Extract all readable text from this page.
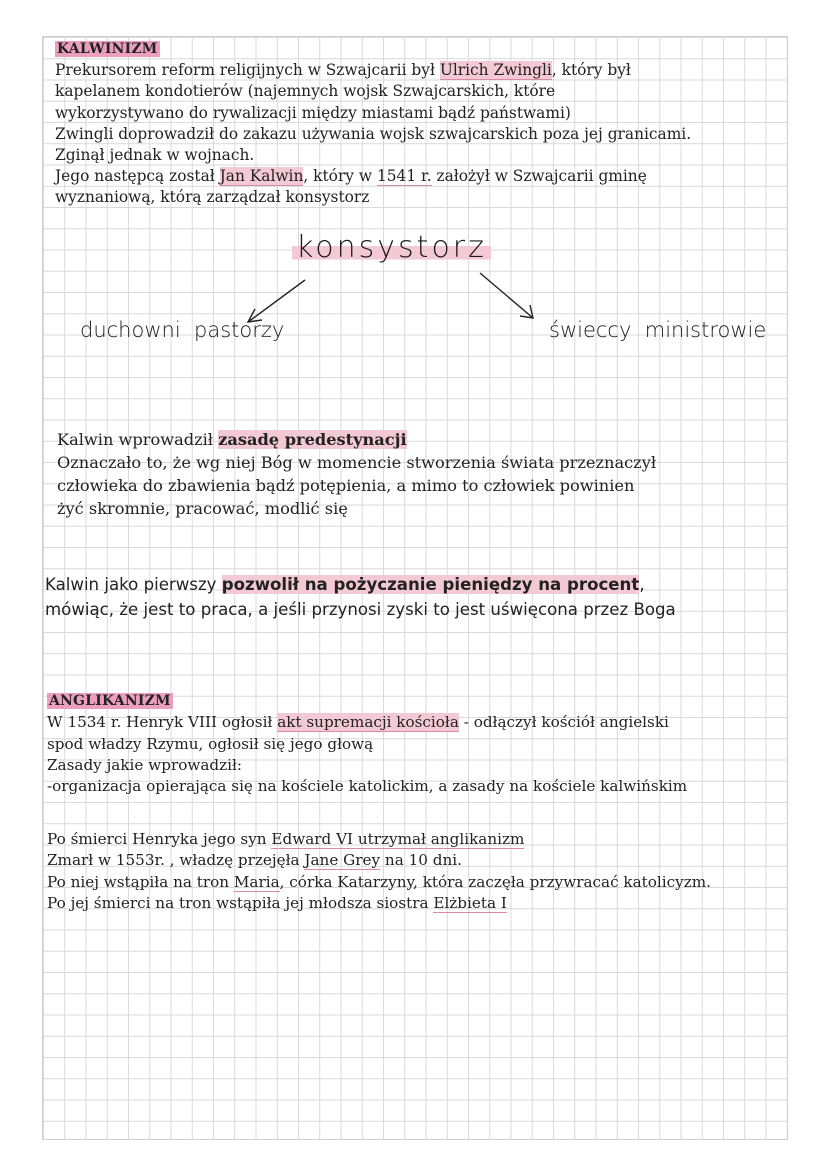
KALWINIZM

Prekursorem reform religijnych w Szwajcarii był Ulrich Zwingli, który był

kapelanem kondotierów (najemnych wojsk Szwajcarskich, które

wykorzystywano do rywalizacji między miastami bądź państwami)

Zwingli doprowadził do zakazu używania wojsk szwajcarskich poza jej granicami.

Zginął jednak w wojnach.

Jego następcą został Jan Kalwin, który w 1541 r. założył w Szwajcarii gminę

wyznaniową, którą zarządzał konsystorz

konsystorz
duchowni  pastorzy	świeccy  ministrowie

Kalwin wprowadził zasadę predestynacji

Oznaczało to, że wg niej Bóg w momencie stworzenia świata przeznaczył

człowieka do zbawienia bądź potępienia, a mimo to człowiek powinien

żyć skromnie, pracować, modlić się

Kalwin jako pierwszy pozwolił na pożyczanie pieniędzy na procent,

mówiąc, że jest to praca, a jeśli przynosi zyski to jest uświęcona przez Boga

ANGLIKANIZM

W 1534 r. Henryk VIII ogłosił akt supremacji kościoła - odłączył kościół angielski

spod władzy Rzymu, ogłosił się jego głową

Zasady jakie wprowadził:

-organizacja opierająca się na kościele katolickim, a zasady na kościele kalwińskim

Po śmierci Henryka jego syn Edward VI utrzymał anglikanizm

Zmarł w 1553r. , władzę przejęła Jane Grey na 10 dni.

Po niej wstąpiła na tron Maria, córka Katarzyny, która zaczęła przywracać katolicyzm.

Po jej śmierci na tron wstąpiła jej młodsza siostra Elżbieta I
